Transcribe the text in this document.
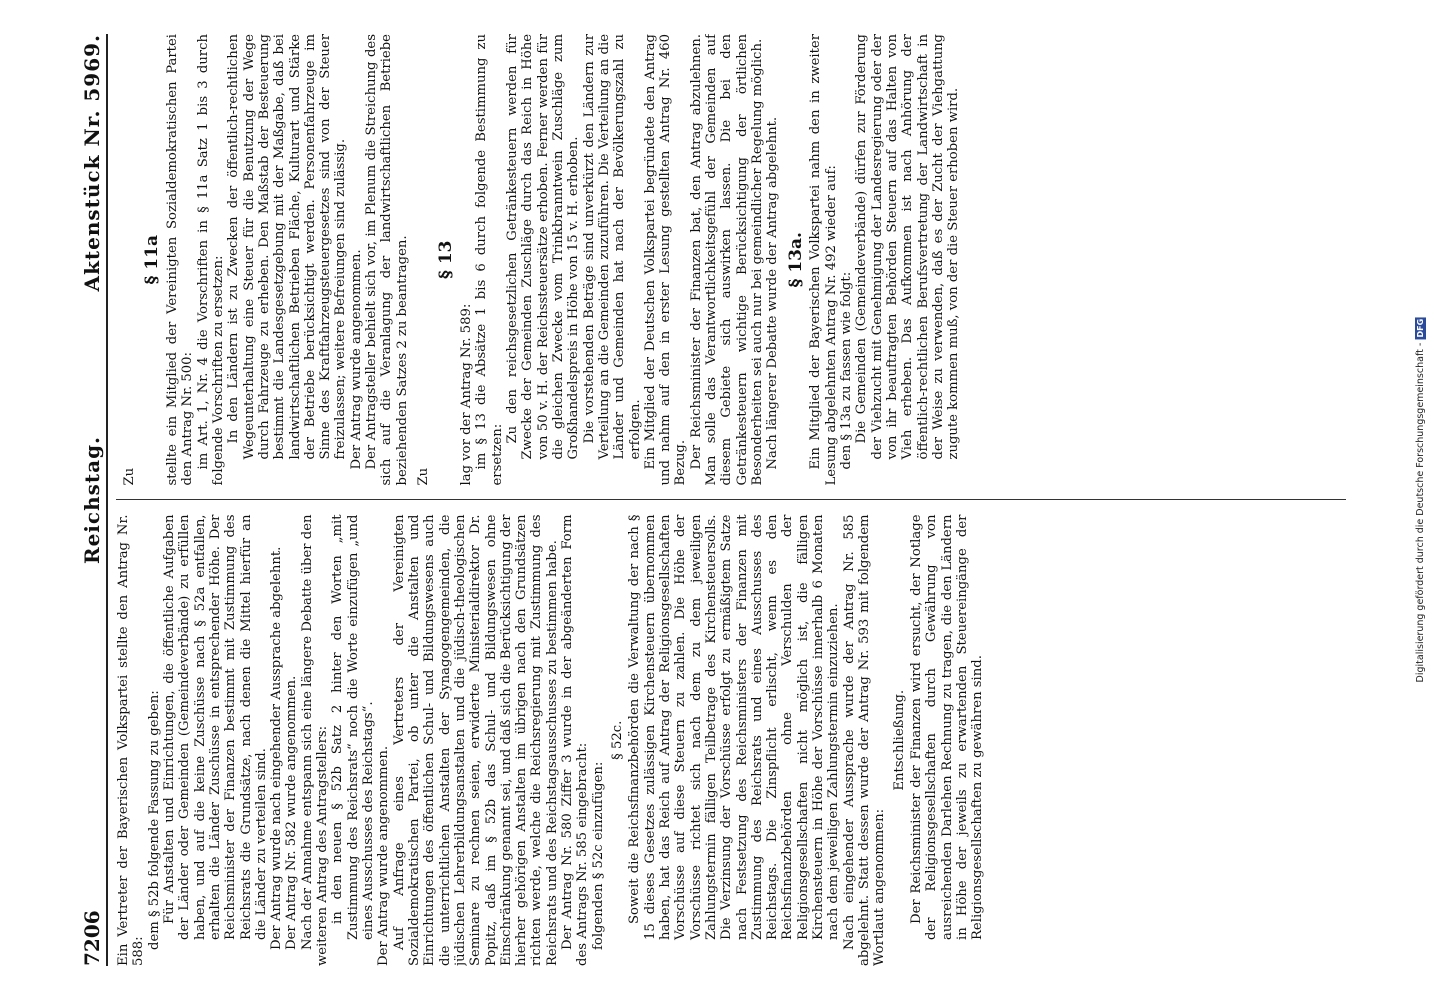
7206
Reichstag.
Aktenstück Nr. 5969.

Ein Vertreter der Bayerischen Volkspartei stellte den Antrag Nr. 588:

dem § 52b folgende Fassung zu geben: Für Anstalten und Einrichtungen, die öffentliche Aufgaben der Länder oder Gemeinden (Gemeindeverbände) zu erfüllen haben, und auf die keine Zuschüsse nach § 52a entfallen, erhalten die Länder Zuschüsse in entsprechender Höhe. Der Reichsminister der Finanzen bestimmt mit Zustimmung des Reichsrats die Grundsätze, nach denen die Mittel hierfür an die Länder zu verteilen sind. Der Antrag wurde nach eingehender Aussprache abgelehnt. Der Antrag Nr. 582 wurde angenommen. Nach der Annahme entspann sich eine längere Debatte über den weiteren Antrag des Antragstellers: in den neuen § 52b Satz 2 hinter den Worten „mit Zustimmung des Reichsrats“ noch die Worte einzufügen „und eines Ausschusses des Reichstags“. Der Antrag wurde angenommen. Auf Anfrage eines Vertreters der Vereinigten Sozialdemokratischen Partei, ob unter die Anstalten und Einrichtungen des öffentlichen Schul- und Bildungswesens auch die unterrichtlichen Anstalten der Synagogengemeinden, die jüdischen Lehrerbildungsanstalten und die jüdisch-theologischen Seminare zu rechnen seien, erwiderte Ministerialdirektor Dr. Popitz, daß im § 52b das Schul- und Bildungswesen ohne Einschränkung genannt sei, und daß sich die Berücksichtigung der hierher gehörigen Anstalten im übrigen nach den Grundsätzen richten werde, welche die Reichsregierung mit Zustimmung des Reichsrats und des Reichstagsausschusses zu bestimmen habe. Der Antrag Nr. 580 Ziffer 3 wurde in der abgeänderten Form des Antrags Nr. 585 eingebracht: folgenden § 52c einzufügen:

§ 52c. Soweit die Reichsfinanzbehörden die Verwaltung der nach § 15 dieses Gesetzes zulässigen Kirchensteuern übernommen haben, hat das Reich auf Antrag der Religionsgesellschaften Vorschüsse auf diese Steuern zu zahlen. Die Höhe der Vorschüsse richtet sich nach dem zu dem jeweiligen Zahlungstermin fälligen Teilbetrage des Kirchensteuersolls. Die Verzinsung der Vorschüsse erfolgt zu ermäßigtem Satze nach Festsetzung des Reichsministers der Finanzen mit Zustimmung des Reichsrats und eines Ausschusses des Reichstags. Die Zinspflicht erlischt, wenn es den Reichsfinanzbehörden ohne Verschulden der Religionsgesellschaften nicht möglich ist, die fälligen Kirchensteuern in Höhe der Vorschüsse innerhalb 6 Monaten nach dem jeweiligen Zahlungstermin einzuziehen. Nach eingehender Aussprache wurde der Antrag Nr. 585 abgelehnt. Statt dessen wurde der Antrag Nr. 593 mit folgendem Wortlaut angenommen:

Entschließung. Der Reichsminister der Finanzen wird ersucht, der Notlage der Religionsgesellschaften durch Gewährung von ausreichenden Darlehen Rechnung zu tragen, die den Ländern in Höhe der jeweils zu erwartenden Steuereingänge der Religionsgesellschaften zu gewähren sind.

Zu

§ 11a stellte ein Mitglied der Vereinigten Sozialdemokratischen Partei den Antrag Nr. 500: im Art. 1, Nr. 4 die Vorschriften in § 11a Satz 1 bis 3 durch folgende Vorschriften zu ersetzen: In den Ländern ist zu Zwecken der öffentlich-rechtlichen Wegeunterhaltung eine Steuer für die Benutzung der Wege durch Fahrzeuge zu erheben. Den Maßstab der Besteuerung bestimmt die Landesgesetzgebung mit der Maßgabe, daß bei landwirtschaftlichen Betrieben Fläche, Kulturart und Stärke der Betriebe berücksichtigt werden. Personenfahrzeuge im Sinne des Kraftfahrzeugsteuergesetzes sind von der Steuer freizulassen; weitere Befreiungen sind zulässig. Der Antrag wurde angenommen. Der Antragsteller behielt sich vor, im Plenum die Streichung des sich auf die Veranlagung der landwirtschaftlichen Betriebe beziehenden Satzes 2 zu beantragen. Zu

§ 13

lag vor der Antrag Nr. 589: im § 13 die Absätze 1 bis 6 durch folgende Bestimmung zu ersetzen:

Zu den reichsgesetzlichen Getränkesteuern werden für Zwecke der Gemeinden Zuschläge durch das Reich in Höhe von 50 v. H. der Reichssteuersätze erhoben. Ferner werden für die gleichen Zwecke vom Trinkbranntwein Zuschläge zum Großhandelspreis in Höhe von 15 v. H. erhoben. Die vorstehenden Beträge sind unverkürzt den Ländern zur Verteilung an die Gemeinden zuzuführen. Die Verteilung an die Länder und Gemeinden hat nach der Bevölkerungszahl zu erfolgen. Ein Mitglied der Deutschen Volkspartei begründete den Antrag und nahm auf den in erster Lesung gestellten Antrag Nr. 460 Bezug. Der Reichsminister der Finanzen bat, den Antrag abzulehnen. Man solle das Verantwortlichkeitsgefühl der Gemeinden auf diesem Gebiete sich auswirken lassen. Die bei den Getränkesteuern wichtige Berücksichtigung der örtlichen Besonderheiten sei auch nur bei gemeindlicher Regelung möglich. Nach längerer Debatte wurde der Antrag abgelehnt. § 13a. Ein Mitglied der Bayerischen Volkspartei nahm den in zweiter Lesung abgelehnten Antrag Nr. 492 wieder auf: den § 13a zu fassen wie folgt: Die Gemeinden (Gemeindeverbände) dürfen zur Förderung der Viehzucht mit Genehmigung der Landesregierung oder der von ihr beauftragten Behörden Steuern auf das Halten von Vieh erheben. Das Aufkommen ist nach Anhörung der öffentlich-rechtlichen Berufsvertretung der Landwirtschaft in der Weise zu verwenden, daß es der Zucht der Viehgattung zugute kommen muß, von der die Steuer erhoben wird.

Digitalisierung gefördert durch die Deutsche Forschungsgemeinschaft - DFG
